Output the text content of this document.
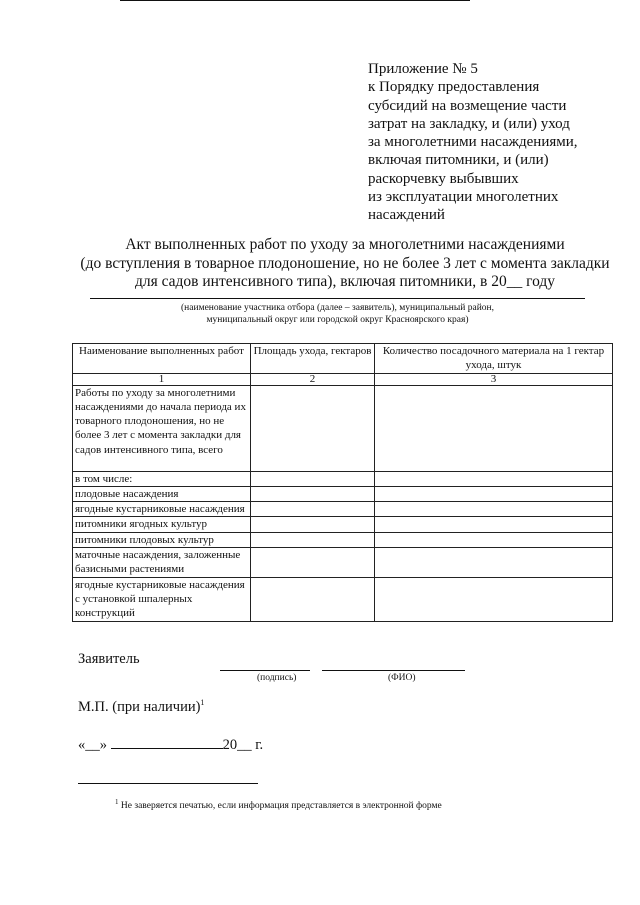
Приложение № 5
к Порядку предоставления
субсидий на возмещение части
затрат на закладку, и (или) уход
за многолетними насаждениями,
включая питомники, и (или)
раскорчевку выбывших
из эксплуатации многолетних
насаждений
Акт выполненных работ по уходу за многолетними насаждениями
(до вступления в товарное плодоношение, но не более 3 лет с момента закладки
для садов интенсивного типа), включая питомники, в 20__ году
(наименование участника отбора (далее – заявитель), муниципальный район,
муниципальный округ или городской округ Красноярского края)
Наименование выполненных работ	Площадь ухода, гектаров	Количество посадочного материала на 1 гектар ухода, штук
1	2	3
Работы по уходу за многолетними насаждениями до начала периода их товарного плодоношения, но не более 3 лет с момента закладки для садов интенсивного типа, всего		
в том числе:		
плодовые насаждения		
ягодные кустарниковые насаждения		
питомники ягодных культур		
питомники плодовых культур		
маточные насаждения, заложенные базисными растениями		
ягодные кустарниковые насаждения с установкой шпалерных конструкций		
Заявитель
(подпись)	(ФИО)
М.П. (при наличии)$^1$
«__»	20__ г.
$^1$ Не заверяется печатью, если информация представляется в электронной форме
